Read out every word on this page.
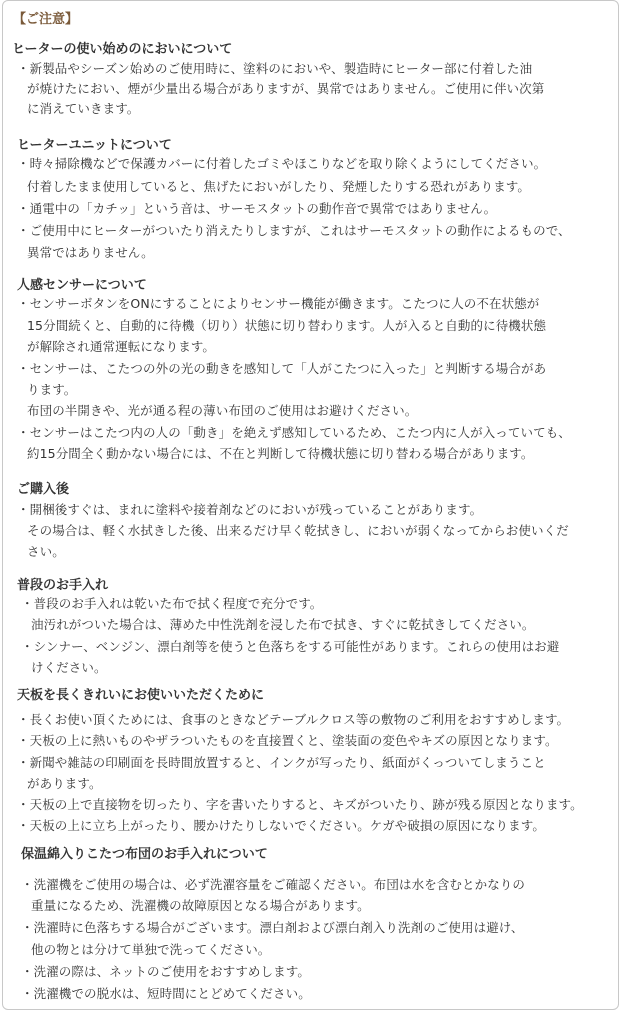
【ご注意】
ヒーターの使い始めのにおいについて
・新製品やシーズン始めのご使用時に、塗料のにおいや、製造時にヒーター部に付着した油
が焼けたにおい、煙が少量出る場合がありますが、異常ではありません。ご使用に伴い次第
に消えていきます。
ヒーターユニットについて
・時々掃除機などで保護カバーに付着したゴミやほこりなどを取り除くようにしてください。
付着したまま使用していると、焦げたにおいがしたり、発煙したりする恐れがあります。
・通電中の「カチッ」という音は、サーモスタットの動作音で異常ではありません。
・ご使用中にヒーターがついたり消えたりしますが、これはサーモスタットの動作によるもので、
異常ではありません。
人感センサーについて
・センサーボタンをONにすることによりセンサー機能が働きます。こたつに人の不在状態が
15分間続くと、自動的に待機（切り）状態に切り替わります。人が入ると自動的に待機状態
が解除され通常運転になります。
・センサーは、こたつの外の光の動きを感知して「人がこたつに入った」と判断する場合があ
ります。
布団の半開きや、光が通る程の薄い布団のご使用はお避けください。
・センサーはこたつ内の人の「動き」を絶えず感知しているため、こたつ内に人が入っていても、
約15分間全く動かない場合には、不在と判断して待機状態に切り替わる場合があります。
ご購入後
・開梱後すぐは、まれに塗料や接着剤などのにおいが残っていることがあります。
その場合は、軽く水拭きした後、出来るだけ早く乾拭きし、においが弱くなってからお使いくだ
さい。
普段のお手入れ
・普段のお手入れは乾いた布で拭く程度で充分です。
油汚れがついた場合は、薄めた中性洗剤を浸した布で拭き、すぐに乾拭きしてください。
・シンナー、ベンジン、漂白剤等を使うと色落ちをする可能性があります。これらの使用はお避
けください。
天板を長くきれいにお使いいただくために
・長くお使い頂くためには、食事のときなどテーブルクロス等の敷物のご利用をおすすめします。
・天板の上に熱いものやザラついたものを直接置くと、塗装面の変色やキズの原因となります。
・新聞や雑誌の印刷面を長時間放置すると、インクが写ったり、紙面がくっついてしまうこと
があります。
・天板の上で直接物を切ったり、字を書いたりすると、キズがついたり、跡が残る原因となります。
・天板の上に立ち上がったり、腰かけたりしないでください。ケガや破損の原因になります。
保温綿入りこたつ布団のお手入れについて
・洗濯機をご使用の場合は、必ず洗濯容量をご確認ください。布団は水を含むとかなりの
重量になるため、洗濯機の故障原因となる場合があります。
・洗濯時に色落ちする場合がございます。漂白剤および漂白剤入り洗剤のご使用は避け、
他の物とは分けて単独で洗ってください。
・洗濯の際は、ネットのご使用をおすすめします。
・洗濯機での脱水は、短時間にとどめてください。
